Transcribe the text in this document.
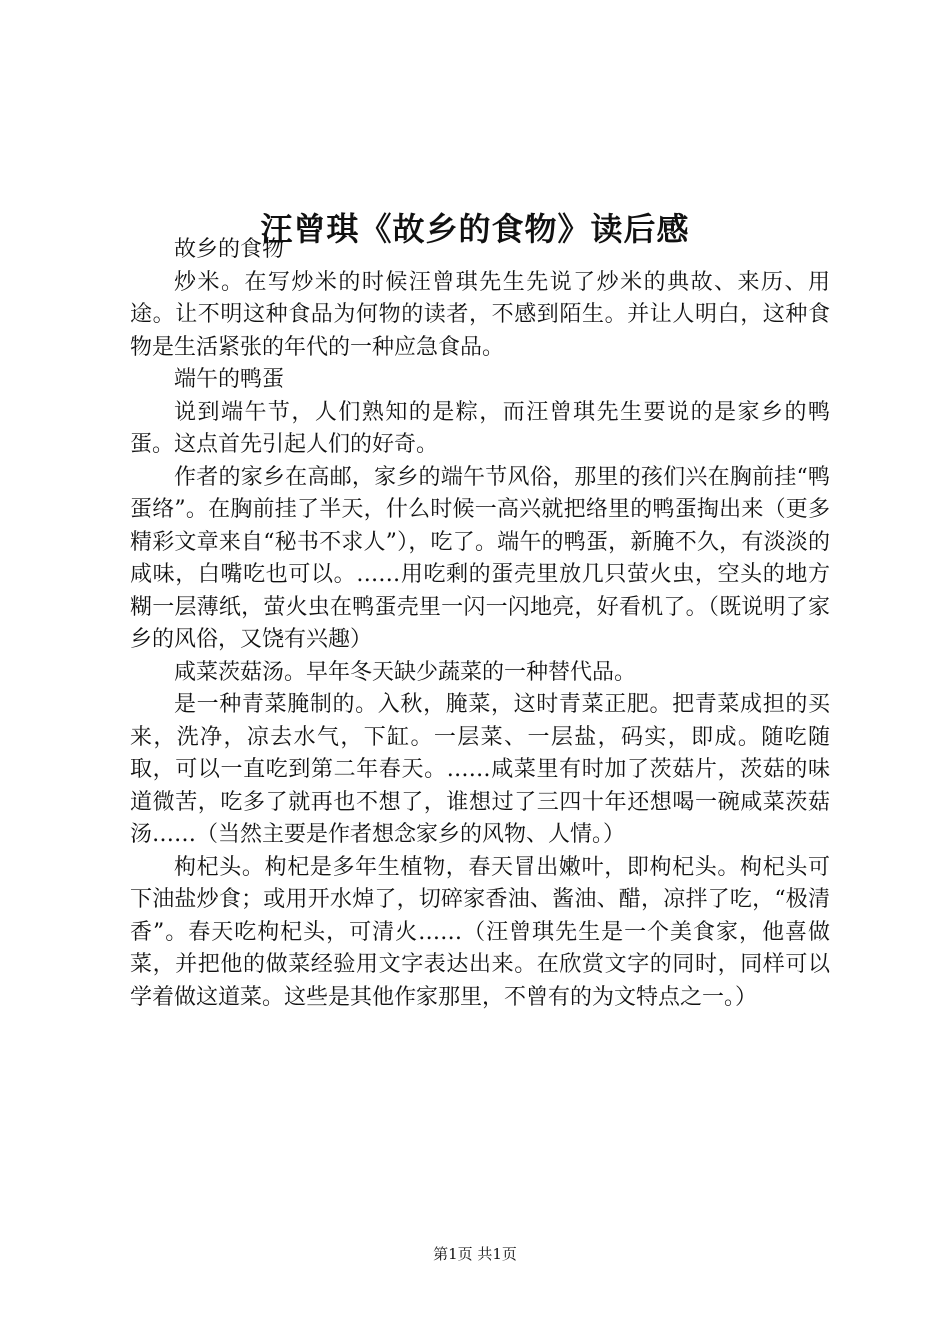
汪曾琪《故乡的食物》读后感

故乡的食物

炒米。在写炒米的时候汪曾琪先生先说了炒米的典故、来历、用途。让不明这种食品为何物的读者，不感到陌生。并让人明白，这种食物是生活紧张的年代的一种应急食品。

端午的鸭蛋

说到端午节，人们熟知的是粽，而汪曾琪先生要说的是家乡的鸭蛋。这点首先引起人们的好奇。

作者的家乡在高邮，家乡的端午节风俗，那里的孩们兴在胸前挂“鸭蛋络”。在胸前挂了半天，什么时候一高兴就把络里的鸭蛋掏出来（更多精彩文章来自“秘书不求人”），吃了。端午的鸭蛋，新腌不久，有淡淡的咸味，白嘴吃也可以。……用吃剩的蛋壳里放几只萤火虫，空头的地方糊一层薄纸，萤火虫在鸭蛋壳里一闪一闪地亮，好看机了。（既说明了家乡的风俗，又饶有兴趣）

咸菜茨菇汤。早年冬天缺少蔬菜的一种替代品。

是一种青菜腌制的。入秋，腌菜，这时青菜正肥。把青菜成担的买来，洗净，凉去水气，下缸。一层菜、一层盐，码实，即成。随吃随取，可以一直吃到第二年春天。……咸菜里有时加了茨菇片，茨菇的味道微苦，吃多了就再也不想了，谁想过了三四十年还想喝一碗咸菜茨菇汤……（当然主要是作者想念家乡的风物、人情。）

枸杞头。枸杞是多年生植物，春天冒出嫩叶，即枸杞头。枸杞头可下油盐炒食；或用开水焯了，切碎家香油、酱油、醋，凉拌了吃，“极清香”。春天吃枸杞头，可清火……（汪曾琪先生是一个美食家，他喜做菜，并把他的做菜经验用文字表达出来。在欣赏文字的同时，同样可以学着做这道菜。这些是其他作家那里，不曾有的为文特点之一。）

第1页 共1页
